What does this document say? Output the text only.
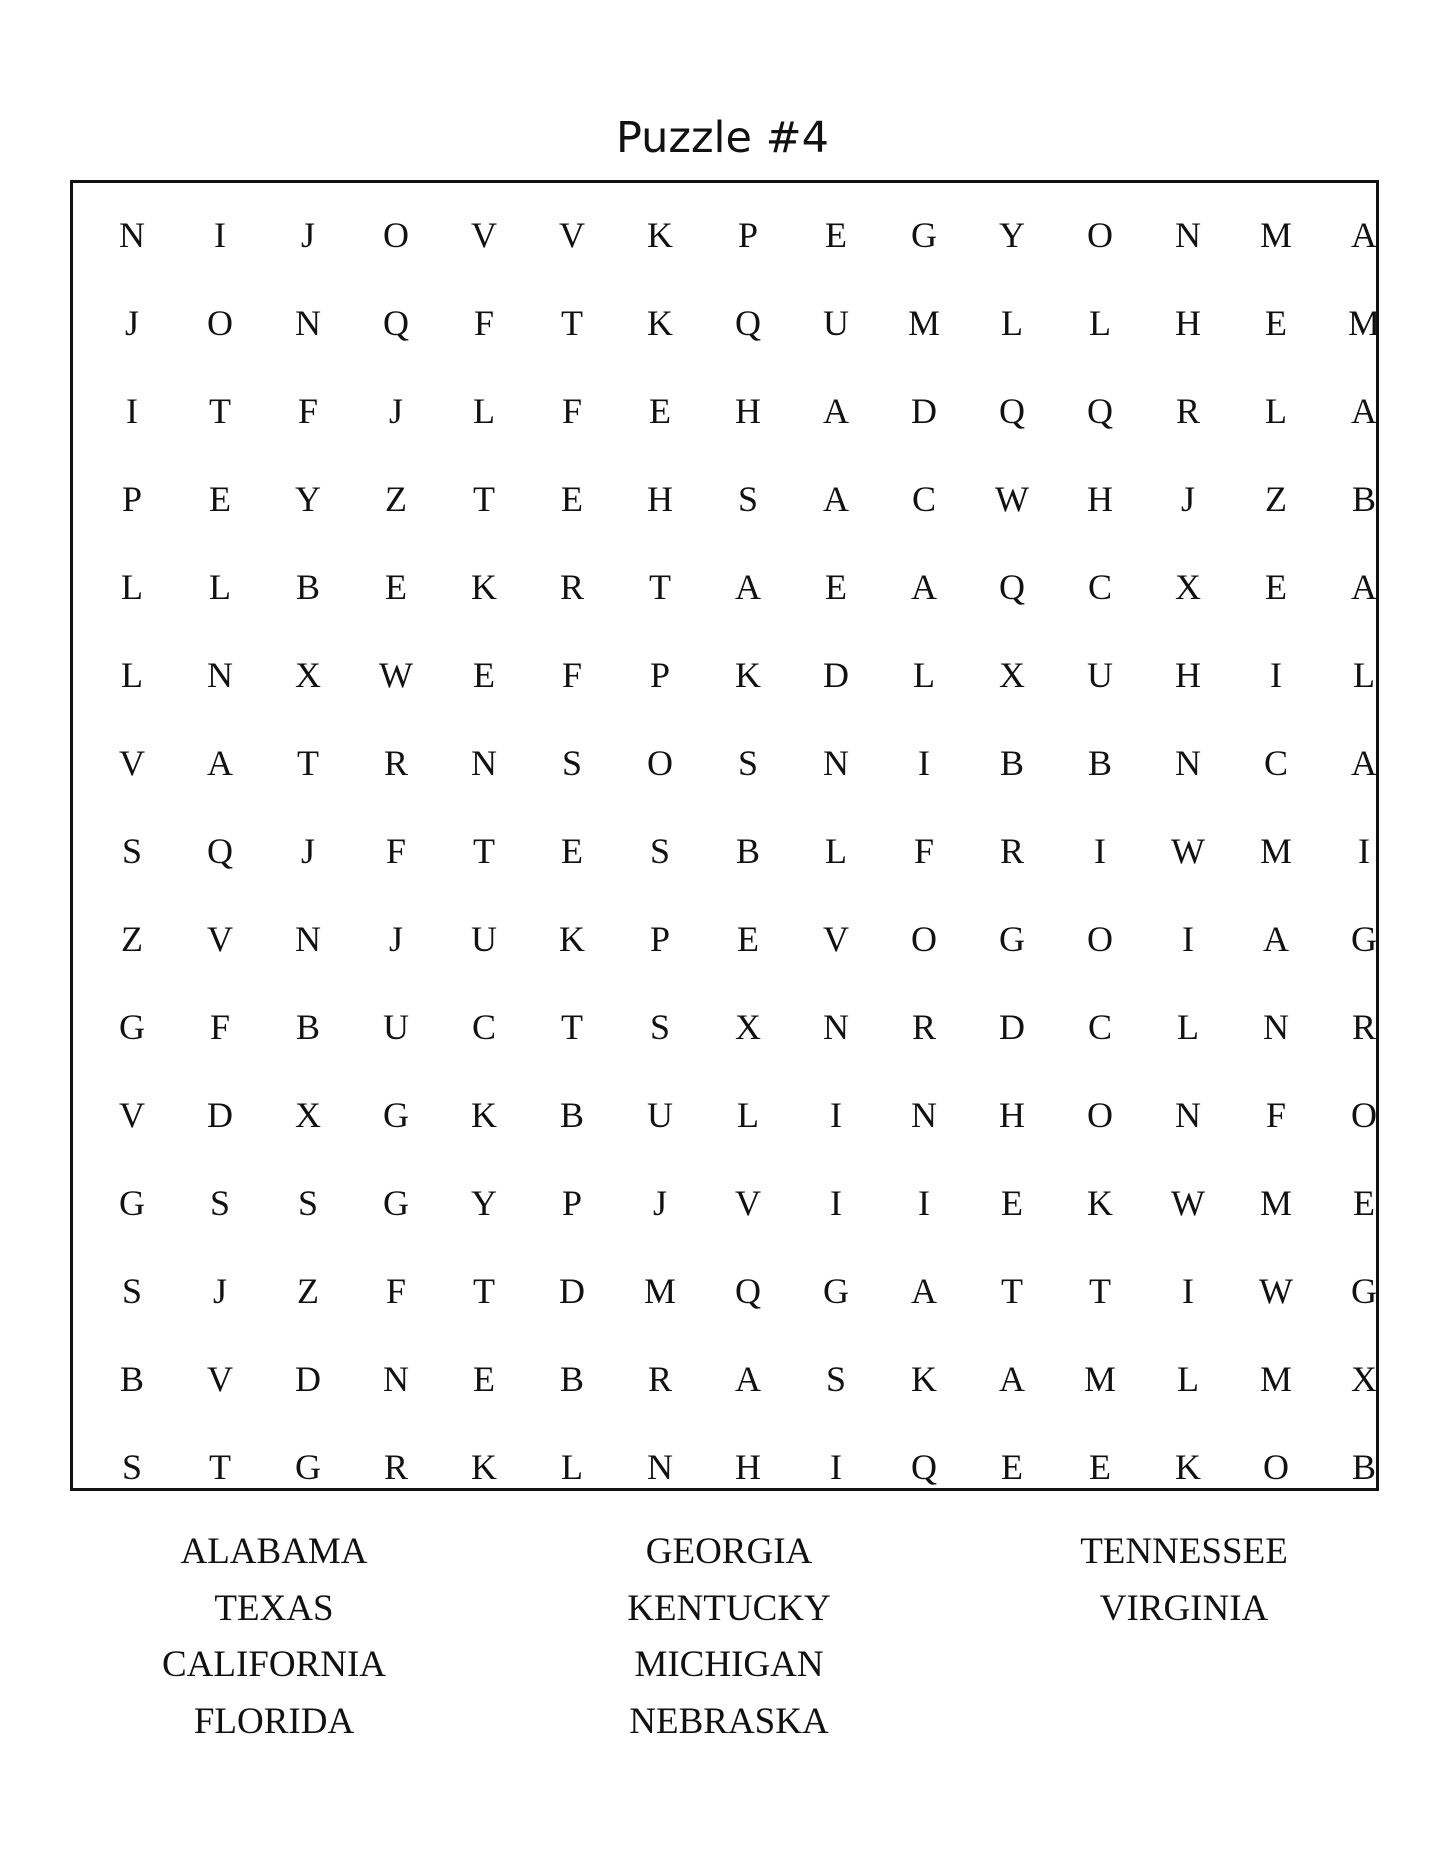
Puzzle #4
N	I	J	O	V	V	K	P	E	G	Y	O	N	M	A
J	O	N	Q	F	T	K	Q	U	M	L	L	H	E	M
I	T	F	J	L	F	E	H	A	D	Q	Q	R	L	A
P	E	Y	Z	T	E	H	S	A	C	W	H	J	Z	B
L	L	B	E	K	R	T	A	E	A	Q	C	X	E	A
L	N	X	W	E	F	P	K	D	L	X	U	H	I	L
V	A	T	R	N	S	O	S	N	I	B	B	N	C	A
S	Q	J	F	T	E	S	B	L	F	R	I	W	M	I
Z	V	N	J	U	K	P	E	V	O	G	O	I	A	G
G	F	B	U	C	T	S	X	N	R	D	C	L	N	R
V	D	X	G	K	B	U	L	I	N	H	O	N	F	O
G	S	S	G	Y	P	J	V	I	I	E	K	W	M	E
S	J	Z	F	T	D	M	Q	G	A	T	T	I	W	G
B	V	D	N	E	B	R	A	S	K	A	M	L	M	X
S	T	G	R	K	L	N	H	I	Q	E	E	K	O	B
ALABAMA
TEXAS
CALIFORNIA
FLORIDA
GEORGIA
KENTUCKY
MICHIGAN
NEBRASKA
TENNESSEE
VIRGINIA
